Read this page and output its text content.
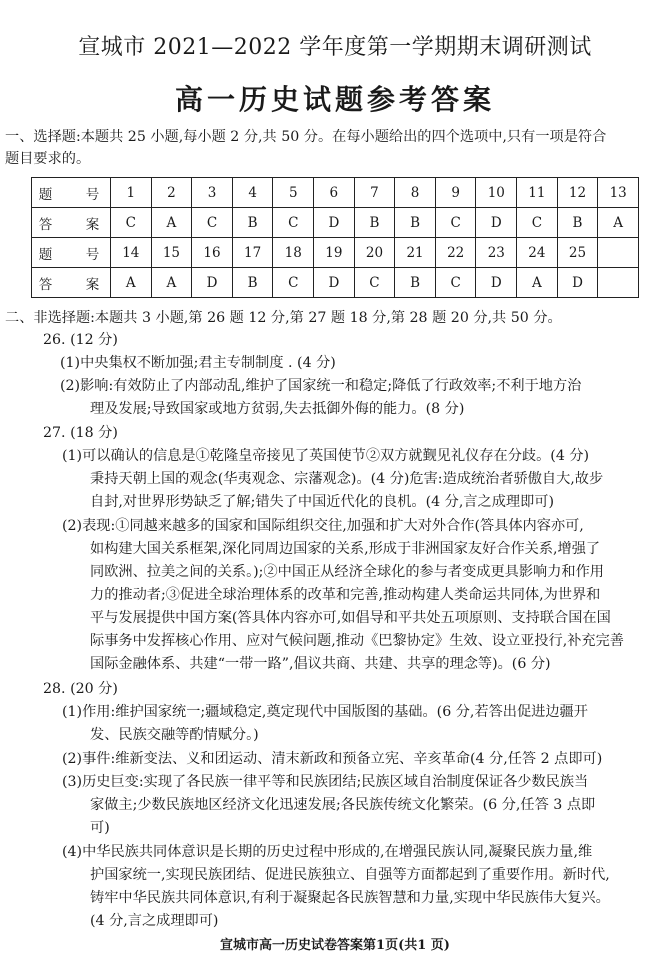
宣城市 2021—2022 学年度第一学期期末调研测试
高一历史试题参考答案
一、选择题:本题共 25 小题,每小题 2 分,共 50 分。在每小题给出的四个选项中,只有一项是符合
题目要求的。
题　号	1	2	3	4	5	6	7	8	9	10	11	12	13
答　案	C	A	C	B	C	D	B	B	C	D	C	B	A
题　号	14	15	16	17	18	19	20	21	22	23	24	25	
答　案	A	A	D	B	C	D	C	B	C	D	A	D	
二、非选择题:本题共 3 小题,第 26 题 12 分,第 27 题 18 分,第 28 题 20 分,共 50 分。
26. (12 分)
(1)中央集权不断加强;君主专制制度 . (4 分)
(2)影响:有效防止了内部动乱,维护了国家统一和稳定;降低了行政效率;不利于地方治
理及发展;导致国家或地方贫弱,失去抵御外侮的能力。(8 分)
27. (18 分)
(1)可以确认的信息是①乾隆皇帝接见了英国使节②双方就觐见礼仪存在分歧。(4 分)
秉持天朝上国的观念(华夷观念、宗藩观念)。(4 分)危害:造成统治者骄傲自大,故步
自封,对世界形势缺乏了解;错失了中国近代化的良机。(4 分,言之成理即可)
(2)表现:①同越来越多的国家和国际组织交往,加强和扩大对外合作(答具体内容亦可,
如构建大国关系框架,深化同周边国家的关系,形成于非洲国家友好合作关系,增强了
同欧洲、拉美之间的关系。);②中国正从经济全球化的参与者变成更具影响力和作用
力的推动者;③促进全球治理体系的改革和完善,推动构建人类命运共同体,为世界和
平与发展提供中国方案(答具体内容亦可,如倡导和平共处五项原则、支持联合国在国
际事务中发挥核心作用、应对气候问题,推动《巴黎协定》生效、设立亚投行,补充完善
国际金融体系、共建“一带一路”,倡议共商、共建、共享的理念等)。(6 分)
28. (20 分)
(1)作用:维护国家统一;疆域稳定,奠定现代中国版图的基础。(6 分,若答出促进边疆开
发、民族交融等酌情赋分。)
(2)事件:维新变法、义和团运动、清末新政和预备立宪、辛亥革命(4 分,任答 2 点即可)
(3)历史巨变:实现了各民族一律平等和民族团结;民族区域自治制度保证各少数民族当
家做主;少数民族地区经济文化迅速发展;各民族传统文化繁荣。(6 分,任答 3 点即
可)
(4)中华民族共同体意识是长期的历史过程中形成的,在增强民族认同,凝聚民族力量,维
护国家统一,实现民族团结、促进民族独立、自强等方面都起到了重要作用。新时代,
铸牢中华民族共同体意识,有利于凝聚起各民族智慧和力量,实现中华民族伟大复兴。
(4 分,言之成理即可)
宣城市高一历史试卷答案第1页(共1 页)
